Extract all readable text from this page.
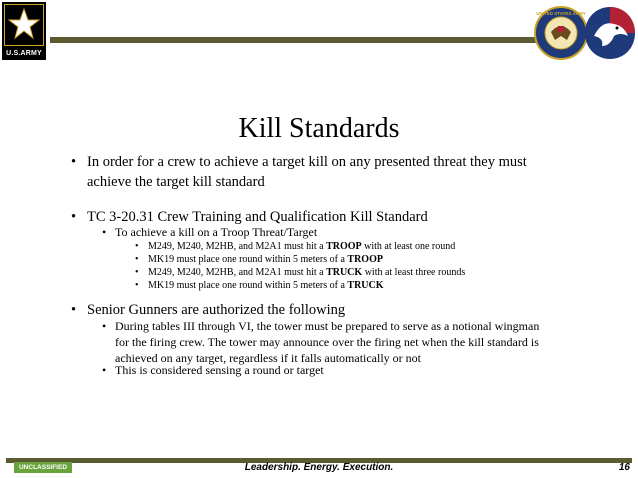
U.S.ARMY
UNITED STATES ARMY
Kill Standards
• In order for a crew to achieve a target kill on any presented threat they must achieve the target kill standard
• TC 3-20.31 Crew Training and Qualification Kill Standard
• To achieve a kill on a Troop Threat/Target
• M249, M240, M2HB, and M2A1 must hit a TROOP with at least one round
• MK19 must place one round within 5 meters of a TROOP
• M249, M240, M2HB, and M2A1 must hit a TRUCK with at least three rounds
• MK19 must place one round within 5 meters of a TRUCK
• Senior Gunners are authorized the following
• During tables III through VI, the tower must be prepared to serve as a notional wingman for the firing crew. The tower may announce over the firing net when the kill standard is achieved on any target, regardless if it falls automatically or not
• This is considered sensing a round or target
UNCLASSIFIED	Leadership. Energy. Execution.	16
